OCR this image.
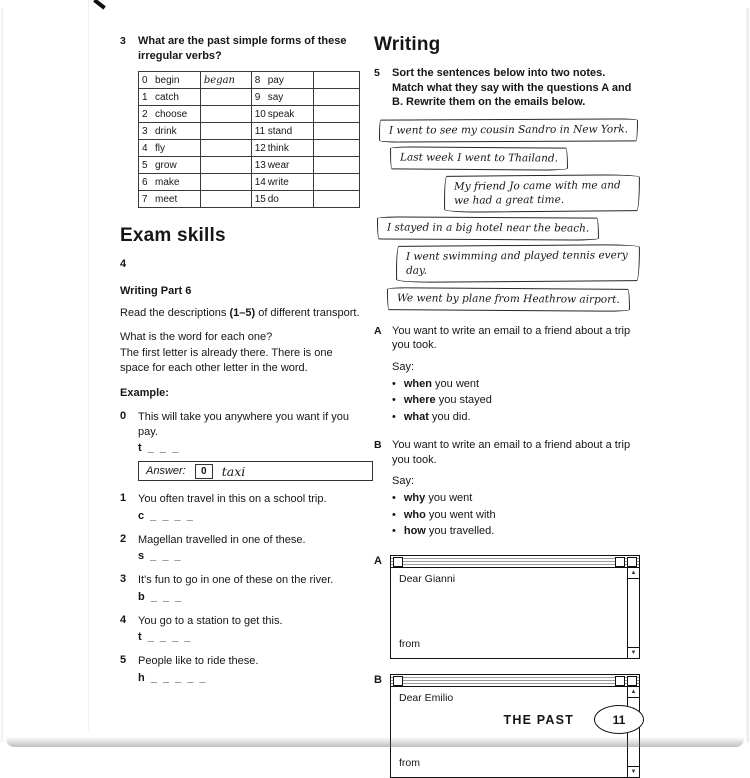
3	What are the past simple forms of these irregular verbs?

0 begin	began	8 pay	
1 catch		9 say	
2 choose		10 speak	
3 drink		11 stand	
4 fly		12 think	
5 grow		13 wear	
6 make		14 write	
7 meet		15 do	
Exam skills
4
Writing Part 6

Read the descriptions (1–5) of different transport.

What is the word for each one?

The first letter is already there. There is one space for each other letter in the word.

Example:
0	This will take you anywhere you want if you pay.

t _ _ _
Answer:	0	taxi
1	You often travel in this on a school trip.

c _ _ _ _
2	Magellan travelled in one of these.

s _ _ _
3	It's fun to go in one of these on the river.

b _ _ _
4	You go to a station to get this.

t _ _ _ _
5	People like to ride these.

h _ _ _ _ _
Writing
5	Sort the sentences below into two notes. Match what they say with the questions A and B. Rewrite them on the emails below.

I went to see my cousin Sandro in New York.
Last week I went to Thailand.
My friend Jo came with me and we had a great time.
I stayed in a big hotel near the beach.
I went swimming and played tennis every day.
We went by plane from Heathrow airport.
A You want to write an email to a friend about a trip you took.

Say:
• when you went
• where you stayed
• what you did.
B You want to write an email to a friend about a trip you took.

Say:
• why you went
• who you went with
• how you travelled.
A
▲
▼
Dear Gianni
from
B
▲
▼
Dear Emilio
from
THE PAST	11
